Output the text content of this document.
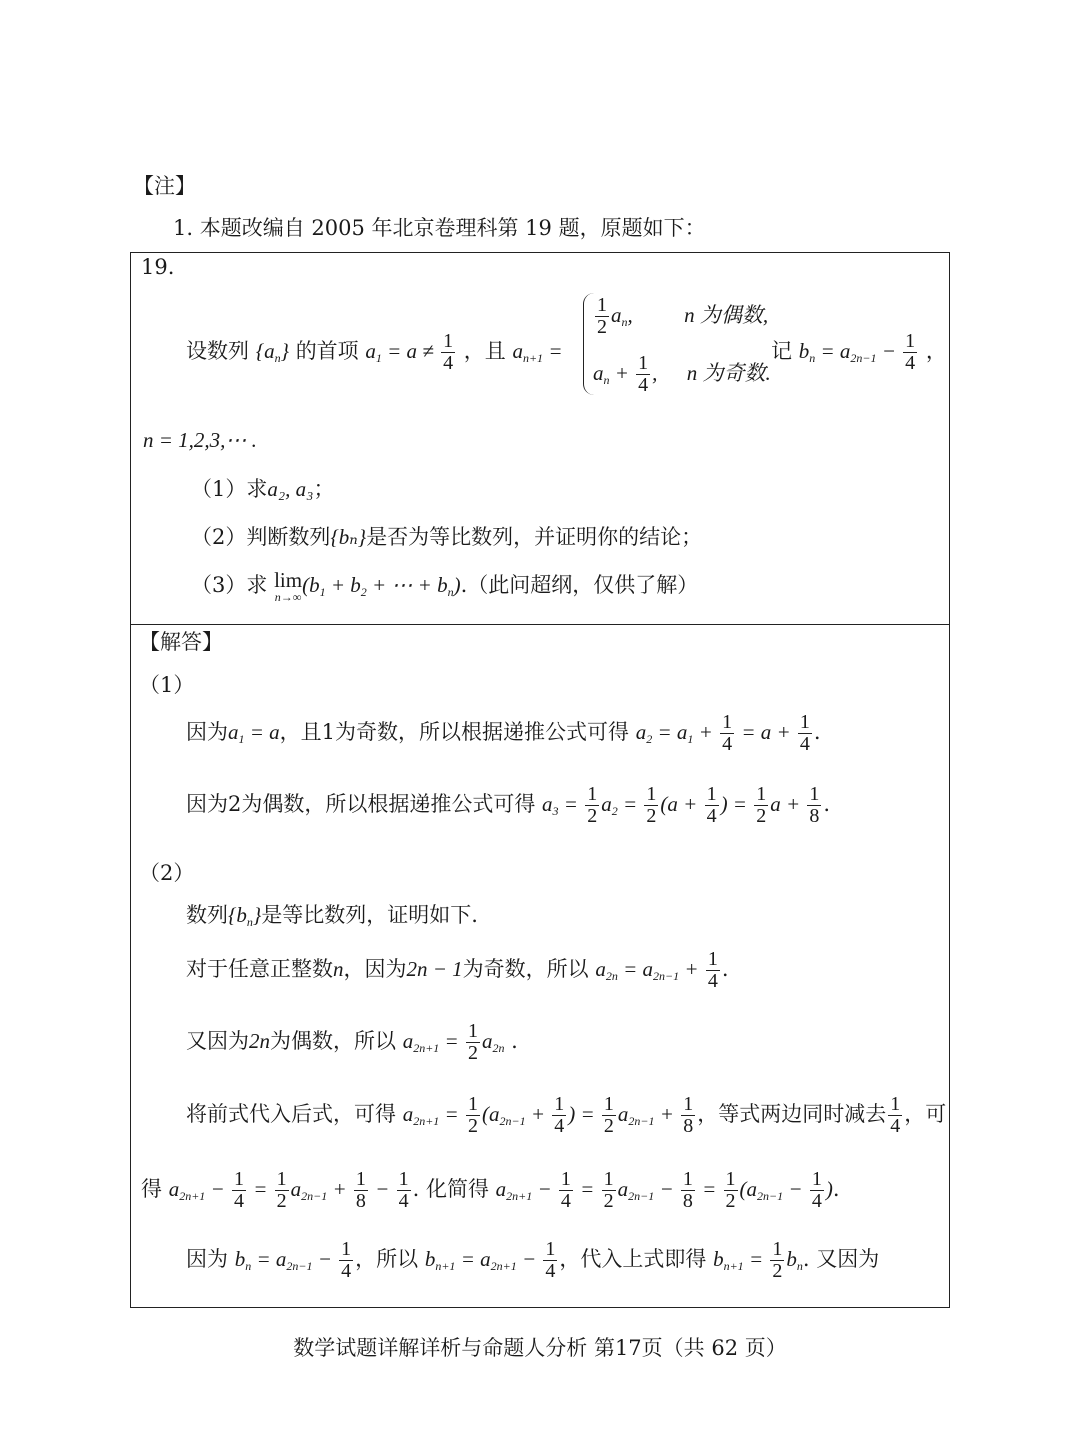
【注】
1. 本题改编自 2005 年北京卷理科第 19 题，原题如下：
19.
设数列 $\{a_n\}$ 的首项 $a_1 = a \ne \frac{1}{4}$ ，且 $a_{n+1}$ =
$\frac{1}{2} a_n$, n 为偶数,
$a_n + \frac{1}{4}$ , n 为奇数.
记 $b_n = a_{2n-1} - \frac{1}{4}$ ，
n = 1,2,3,⋯ .
（1）求a₂, a₃；
（2）判断数列{bₙ}是否为等比数列，并证明你的结论；
（3）求 lim
n→∞ ($b_1 + b_2$ + ⋯ + $b_n$).（此问超纲，仅供了解）
【解答】
（1）
因为$a_1 = a$，且1为奇数，所以根据递推公式可得 $a_2 = a_1 + \frac{1}{4} = a + \frac{1}{4}$ .
因为2为偶数，所以根据递推公式可得 $a_3 = \frac{1}{2} a_2 = \frac{1}{2} (a + \frac{1}{4}$ ) = $\frac{1}{2}$ $a + \frac{1}{8}$ .
（2）
数列$\{b_n\}$是等比数列，证明如下.
对于任意正整数n，因为2n − 1为奇数，所以 $a_{2n} = a_{2n-1} + \frac{1}{4}$ .
又因为2n为偶数，所以 $a_{2n+1} = \frac{1}{2} a_{2n}$ .
将前式代入后式，可得 $a_{2n+1} = \frac{1}{2} (a_{2n-1} + \frac{1}{4}$ ) = $\frac{1}{2} a_{2n-1} + \frac{1}{8}$ ，等式两边同时减去 $\frac{1}{4}$ ，可
得 $a_{2n+1} - \frac{1}{4} = \frac{1}{2} a_{2n-1} + \frac{1}{8} - \frac{1}{4}$ . 化简得 $a_{2n+1} - \frac{1}{4} = \frac{1}{2} a_{2n-1} - \frac{1}{8} = \frac{1}{2} (a_{2n-1} - \frac{1}{4}$ ).
因为 $b_n = a_{2n-1} - \frac{1}{4}$ ，所以 $b_{n+1} = a_{2n+1} - \frac{1}{4}$ ，代入上式即得 $b_{n+1} = \frac{1}{2} b_n$. 又因为
数学试题详解详析与命题人分析 第17页（共 62 页）
